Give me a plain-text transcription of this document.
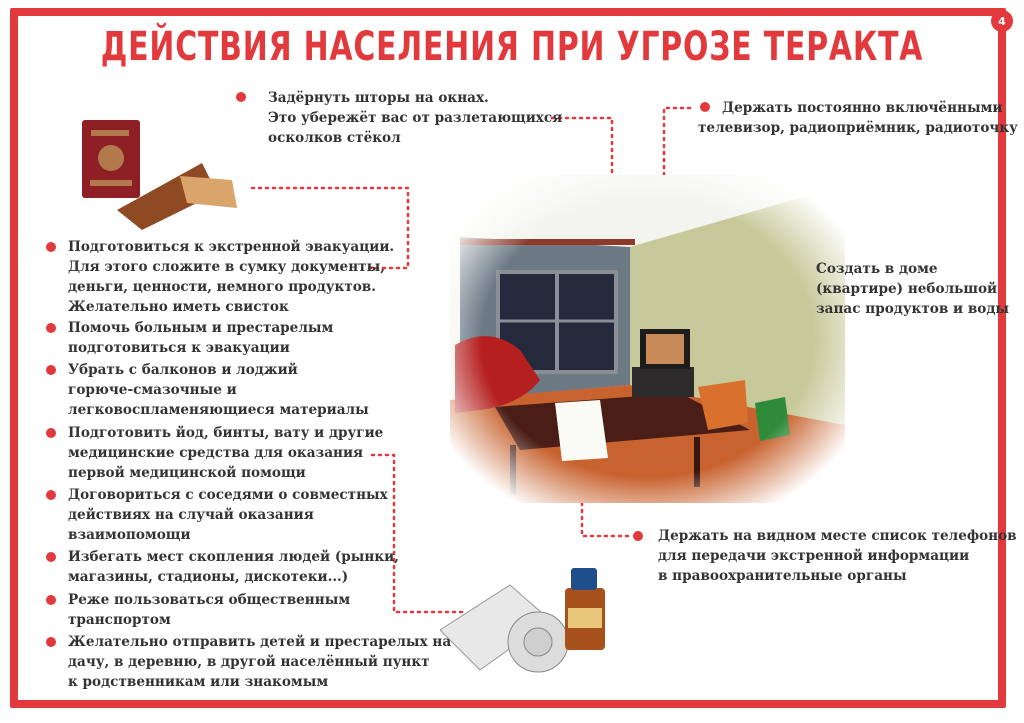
4
ДЕЙСТВИЯ НАСЕЛЕНИЯ ПРИ УГРОЗЕ ТЕРАКТА
Задёрнуть шторы на окнах.
Это убережёт вас от разлетающихся
осколков стёкол
Держать постоянно включёнными
телевизор, радиоприёмник, радиоточку
Создать в доме
(квартире) небольшой
запас продуктов и воды
Держать на видном месте список телефонов
для передачи экстренной информации
в правоохранительные органы
Подготовиться к экстренной эвакуации.
Для этого сложите в сумку документы,
деньги, ценности, немного продуктов.
Желательно иметь свисток
Помочь больным и престарелым
подготовиться к эвакуации
Убрать с балконов и лоджий
горюче-смазочные и
легковоспламеняющиеся материалы
Подготовить йод, бинты, вату и другие
медицинские средства для оказания
первой медицинской помощи
Договориться с соседями о совместных
действиях на случай оказания
взаимопомощи
Избегать мест скопления людей (рынки,
магазины, стадионы, дискотеки...)
Реже пользоваться общественным
транспортом
Желательно отправить детей и престарелых на
дачу, в деревню, в другой населённый пункт
к родственникам или знакомым
